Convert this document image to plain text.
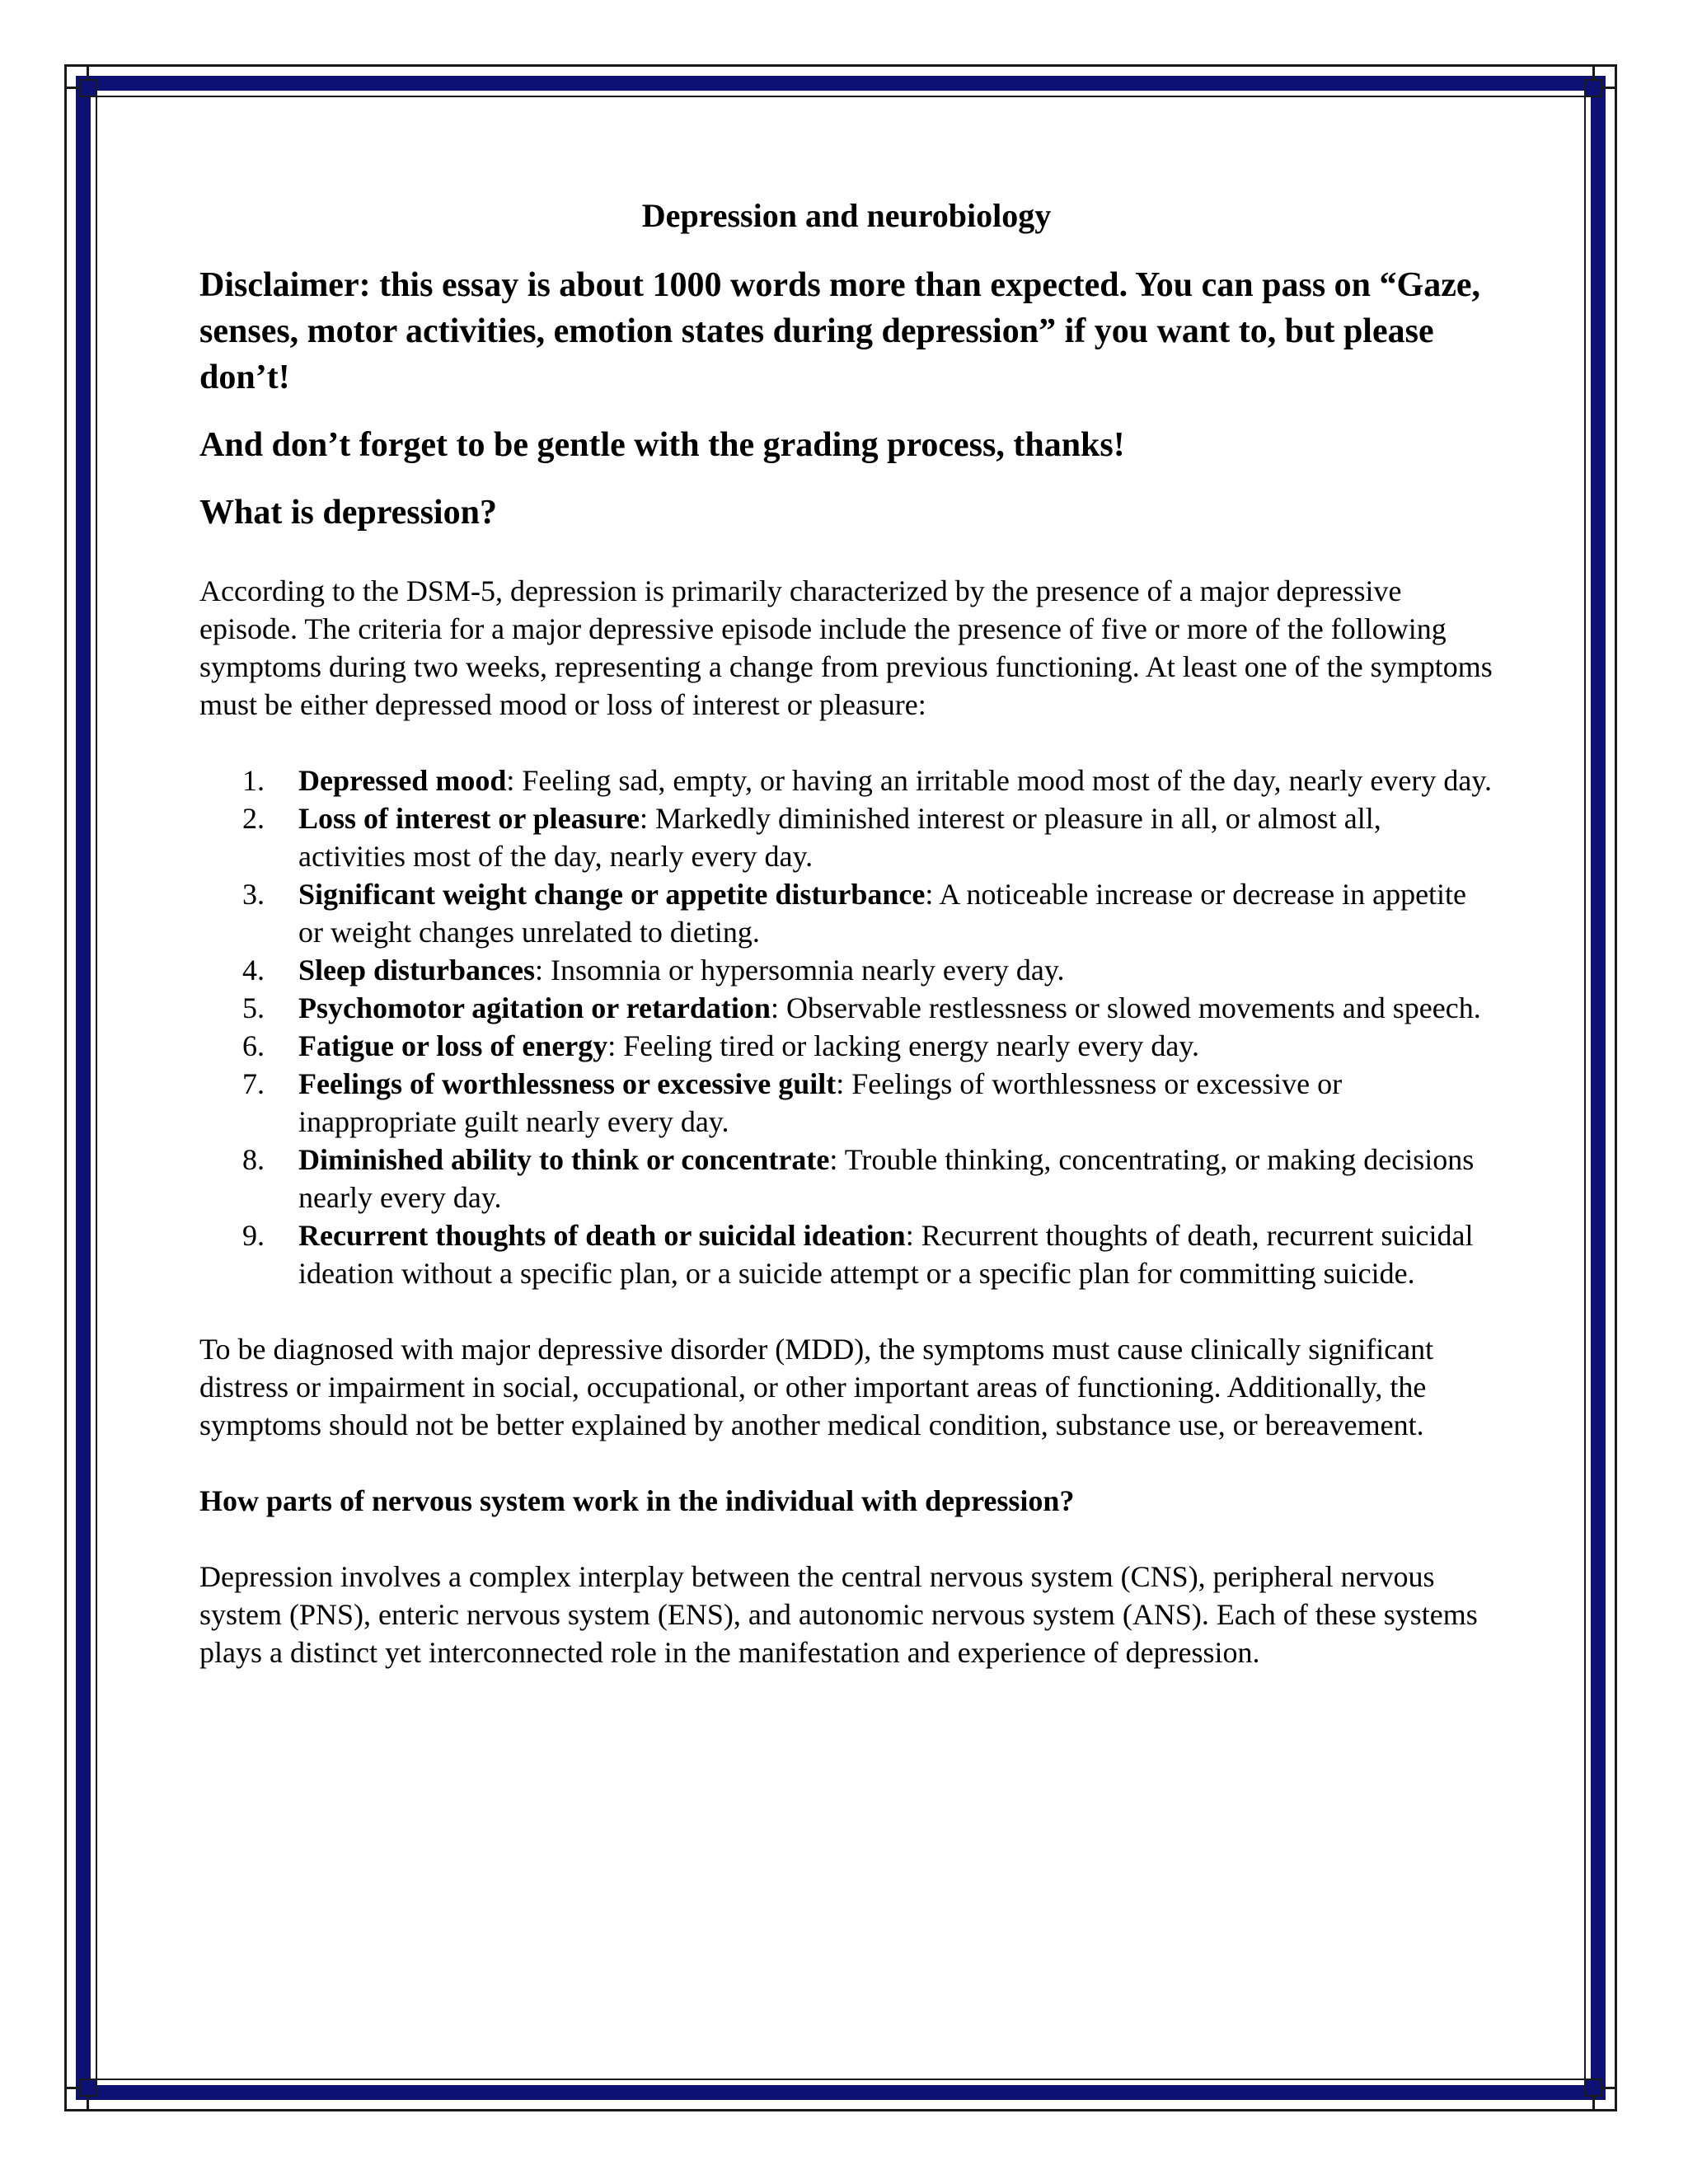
Depression and neurobiology
Disclaimer: this essay is about 1000 words more than expected. You can pass on “Gaze, senses, motor activities, emotion states during depression” if you want to, but please don’t!
And don’t forget to be gentle with the grading process, thanks!
What is depression?
According to the DSM-5, depression is primarily characterized by the presence of a major depressive episode. The criteria for a major depressive episode include the presence of five or more of the following symptoms during two weeks, representing a change from previous functioning. At least one of the symptoms must be either depressed mood or loss of interest or pleasure:
1.	Depressed mood: Feeling sad, empty, or having an irritable mood most of the day, nearly every day.
2.	Loss of interest or pleasure: Markedly diminished interest or pleasure in all, or almost all, activities most of the day, nearly every day.
3.	Significant weight change or appetite disturbance: A noticeable increase or decrease in appetite or weight changes unrelated to dieting.
4.	Sleep disturbances: Insomnia or hypersomnia nearly every day.
5.	Psychomotor agitation or retardation: Observable restlessness or slowed movements and speech.
6.	Fatigue or loss of energy: Feeling tired or lacking energy nearly every day.
7.	Feelings of worthlessness or excessive guilt: Feelings of worthlessness or excessive or inappropriate guilt nearly every day.
8.	Diminished ability to think or concentrate: Trouble thinking, concentrating, or making decisions nearly every day.
9.	Recurrent thoughts of death or suicidal ideation: Recurrent thoughts of death, recurrent suicidal ideation without a specific plan, or a suicide attempt or a specific plan for committing suicide.
To be diagnosed with major depressive disorder (MDD), the symptoms must cause clinically significant distress or impairment in social, occupational, or other important areas of functioning. Additionally, the symptoms should not be better explained by another medical condition, substance use, or bereavement.
How parts of nervous system work in the individual with depression?
Depression involves a complex interplay between the central nervous system (CNS), peripheral nervous system (PNS), enteric nervous system (ENS), and autonomic nervous system (ANS). Each of these systems plays a distinct yet interconnected role in the manifestation and experience of depression.
